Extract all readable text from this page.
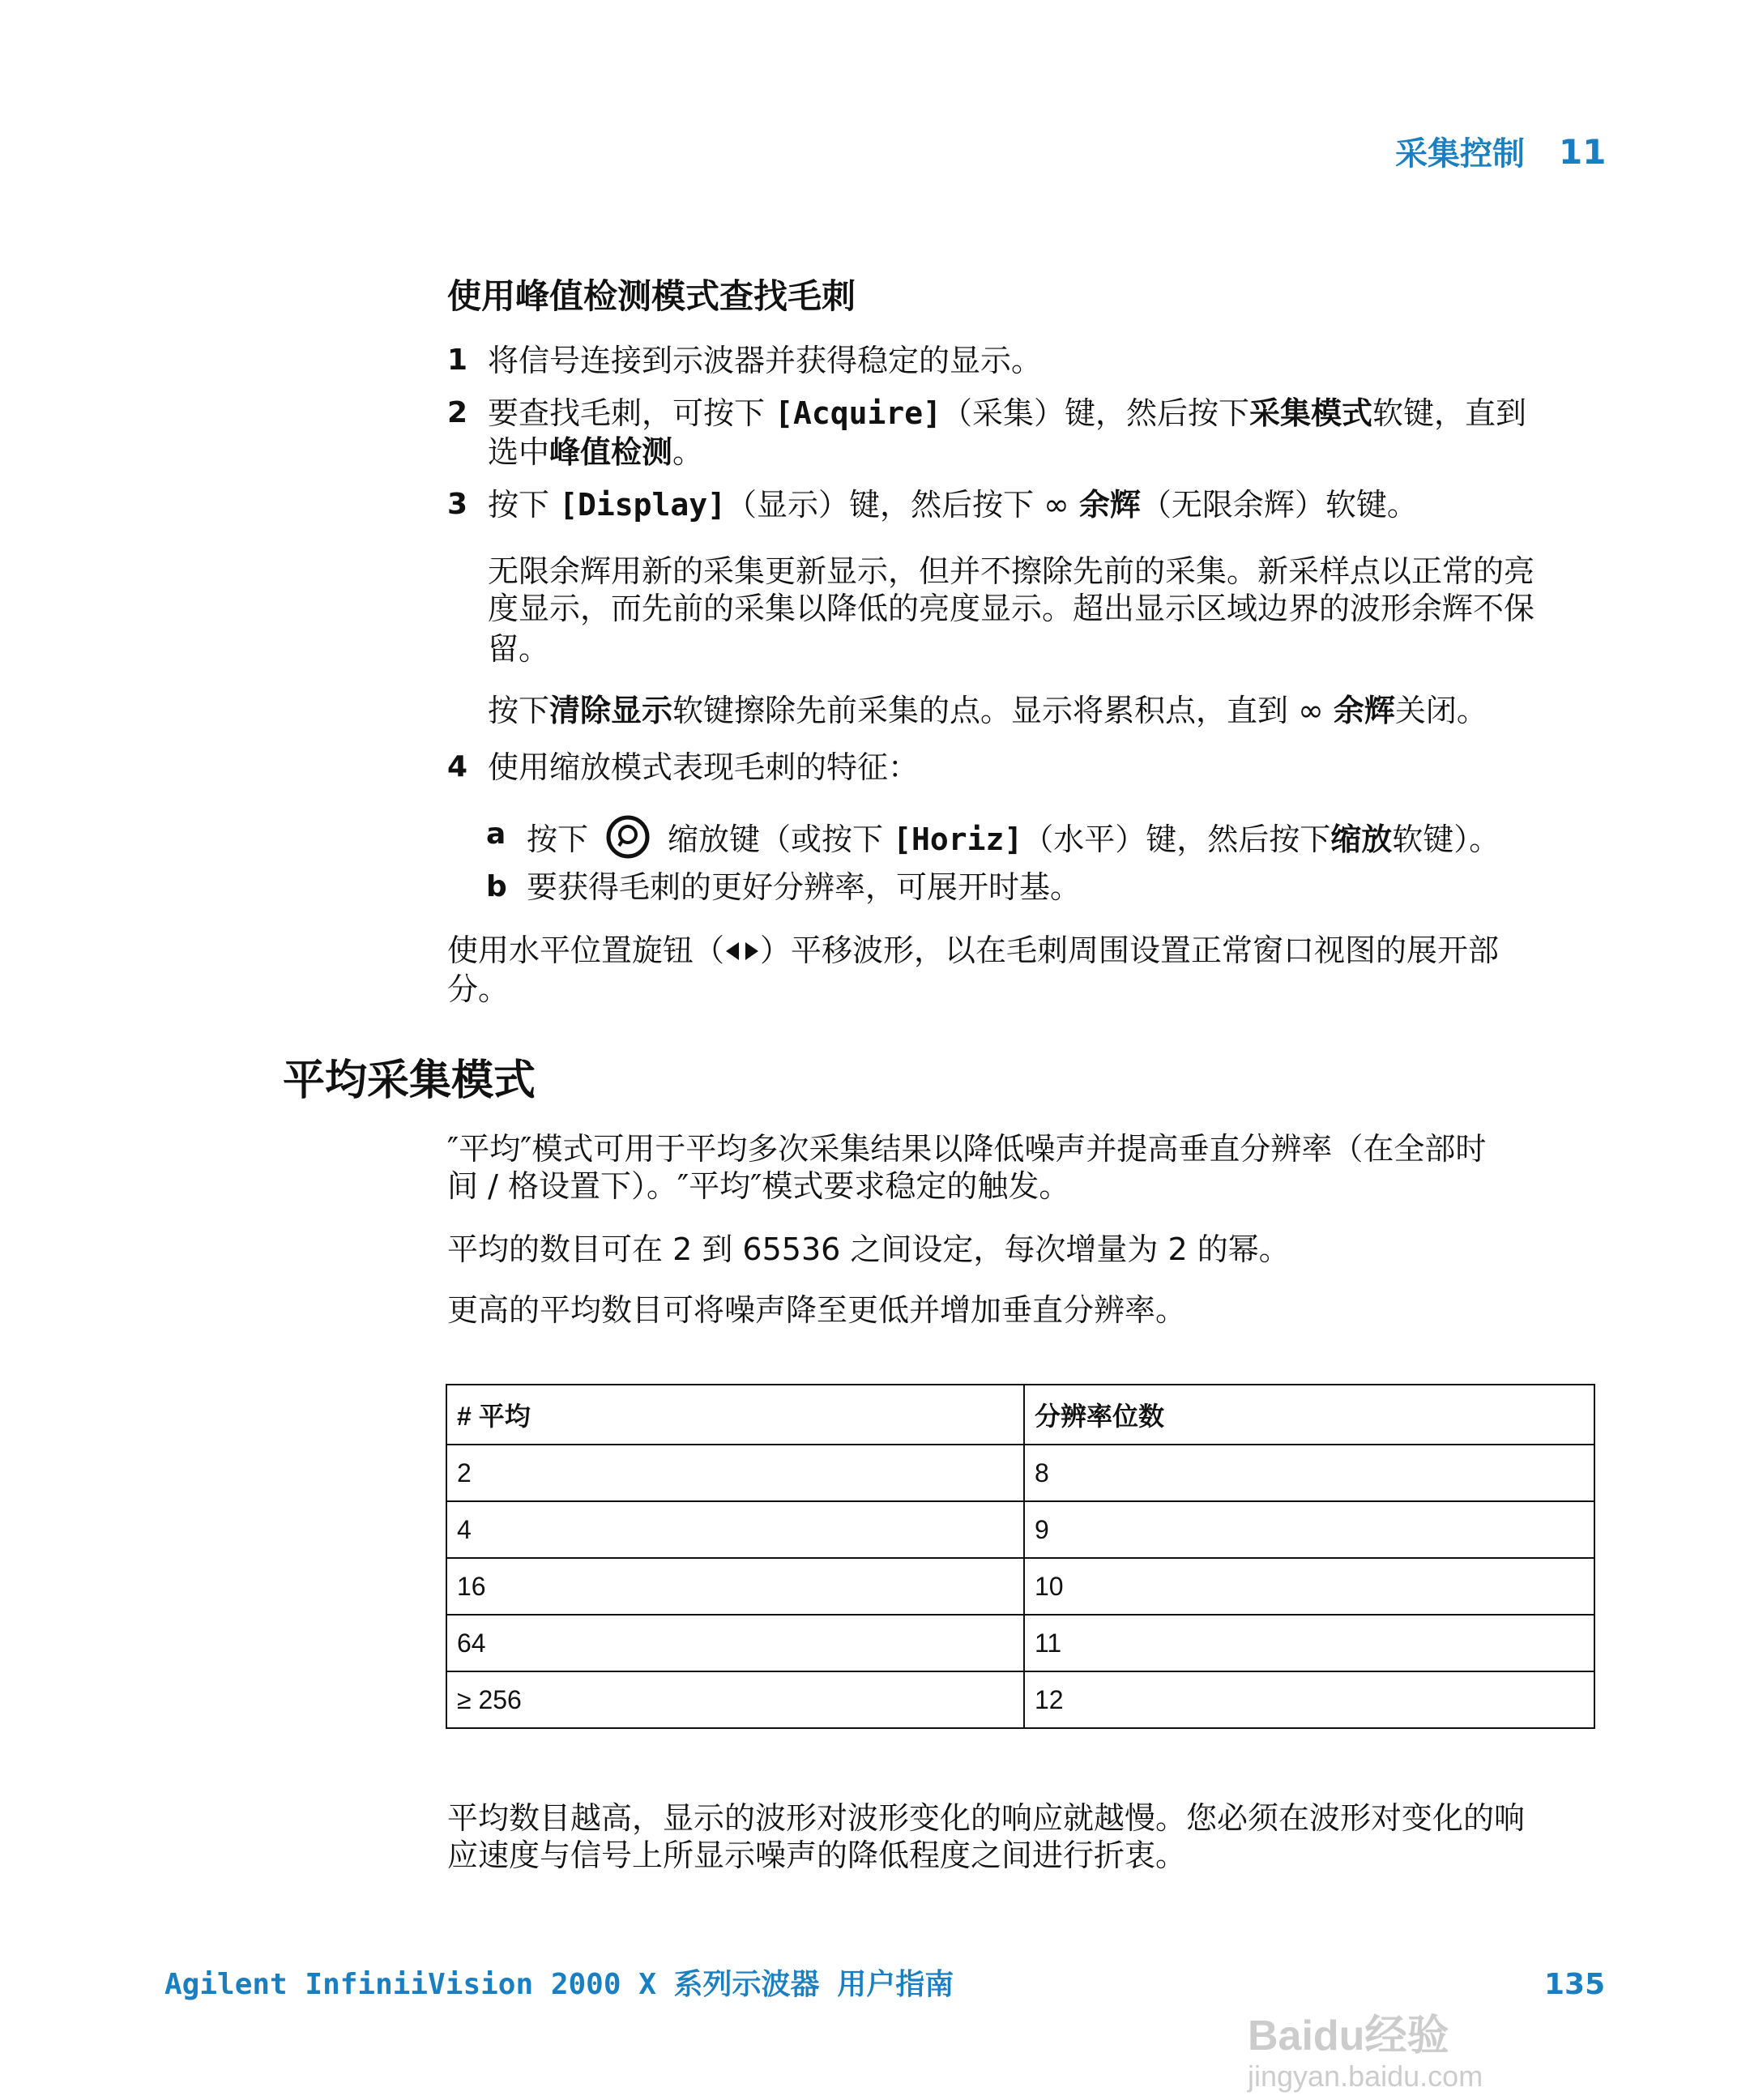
采集控制 11
使用峰值检测模式查找毛刺
1 将信号连接到示波器并获得稳定的显示。
2 要查找毛刺，可按下 [Acquire]（采集）键，然后按下采集模式软键，直到
选中峰值检测。
3 按下 [Display]（显示）键，然后按下 ∞ 余辉（无限余辉）软键。
无限余辉用新的采集更新显示，但并不擦除先前的采集。新采样点以正常的亮
度显示，而先前的采集以降低的亮度显示。超出显示区域边界的波形余辉不保
留。
按下清除显示软键擦除先前采集的点。显示将累积点，直到 ∞ 余辉关闭。
4 使用缩放模式表现毛刺的特征：
a 按下	缩放键（或按下 [Horiz]（水平）键，然后按下缩放软键）。
b 要获得毛刺的更好分辨率，可展开时基。
使用水平位置旋钮（ ）平移波形，以在毛刺周围设置正常窗口视图的展开部
分。
平均采集模式
″平均″模式可用于平均多次采集结果以降低噪声并提高垂直分辨率（在全部时
间 / 格设置下）。″平均″模式要求稳定的触发。
平均的数目可在 2 到 65536 之间设定，每次增量为 2 的幂。
更高的平均数目可将噪声降至更低并增加垂直分辨率。
# 平均	分辨率位数
2	8
4	9
16	10
64	11
≥ 256	12
平均数目越高，显示的波形对波形变化的响应就越慢。您必须在波形对变化的响
应速度与信号上所显示噪声的降低程度之间进行折衷。
Agilent InfiniiVision 2000 X 系列示波器 用户指南	135
Baidu经验
jingyan.baidu.com
